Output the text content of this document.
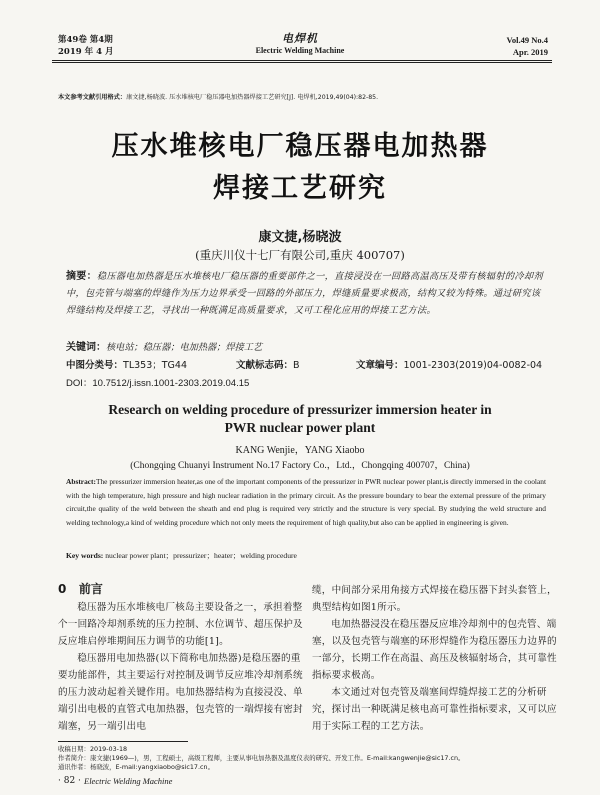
第49卷 第4期
2019 年 4 月
电焊机
Electric Welding Machine
Vol.49 No.4
Apr. 2019
本文参考文献引用格式：康文捷,杨晓波. 压水堆核电厂稳压器电加热器焊接工艺研究[J]. 电焊机,2019,49(04):82-85.
压水堆核电厂稳压器电加热器
焊接工艺研究
康文捷,杨晓波
(重庆川仪十七厂有限公司,重庆 400707)
摘要：稳压器电加热器是压水堆核电厂稳压器的重要部件之一，直接浸没在一回路高温高压及带有核辐射的冷却剂中，包壳管与端塞的焊缝作为压力边界承受一回路的外部压力，焊缝质量要求极高，结构又较为特殊。通过研究该焊缝结构及焊接工艺，寻找出一种既满足高质量要求，又可工程化应用的焊接工艺方法。
关键词：核电站；稳压器；电加热器；焊接工艺
中图分类号：TL353；TG44	文献标志码：B	文章编号：1001-2303(2019)04-0082-04
DOI：10.7512/j.issn.1001-2303.2019.04.15
Research on welding procedure of pressurizer immersion heater in
PWR nuclear power plant
KANG Wenjie，YANG Xiaobo
(Chongqing Chuanyi Instrument No.17 Factory Co.，Ltd.，Chongqing 400707，China)
Abstract:The pressurizer immersion heater,as one of the important components of the pressurizer in PWR nuclear power plant,is directly immersed in the coolant with the high temperature, high pressure and high nuclear radiation in the primary circuit. As the pressure boundary to bear the external pressure of the primary circuit,the quality of the weld between the sheath and end plug is required very strictly and the structure is very special. By studying the weld structure and welding technology,a kind of welding procedure which not only meets the requirement of high quality,but also can be applied in engineering is given.
Key words: nuclear power plant；pressurizer；heater；welding procedure
0 前言

稳压器为压水堆核电厂核岛主要设备之一，承担着整个一回路冷却剂系统的压力控制、水位调节、超压保护及反应堆启停堆期间压力调节的功能[1]。

稳压器用电加热器(以下简称电加热器)是稳压器的重要功能部件，其主要运行对控制及调节反应堆冷却剂系统的压力波动起着关键作用。电加热器结构为直接浸没、单端引出电极的直管式电加热器，包壳管的一端焊接有密封端塞，另一端引出电

缆，中间部分采用角接方式焊接在稳压器下封头套管上，典型结构如图1所示。

电加热器浸没在稳压器反应堆冷却剂中的包壳管、端塞，以及包壳管与端塞的环形焊缝作为稳压器压力边界的一部分，长期工作在高温、高压及核辐射场合，其可靠性指标要求极高。

本文通过对包壳管及端塞间焊缝焊接工艺的分析研究，探讨出一种既满足核电高可靠性指标要求，又可以应用于实际工程的工艺方法。

收稿日期：2019-03-18
作者简介：康文捷(1969—)，男，工程硕士，高级工程师，主要从事电加热器及温度仪表的研究、开发工作。E-mail:kangwenjie@sic17.cn。
通讯作者：杨晓波，E-mail:yangxiaobo@sic17.cn。
· 82 · Electric Welding Machine
